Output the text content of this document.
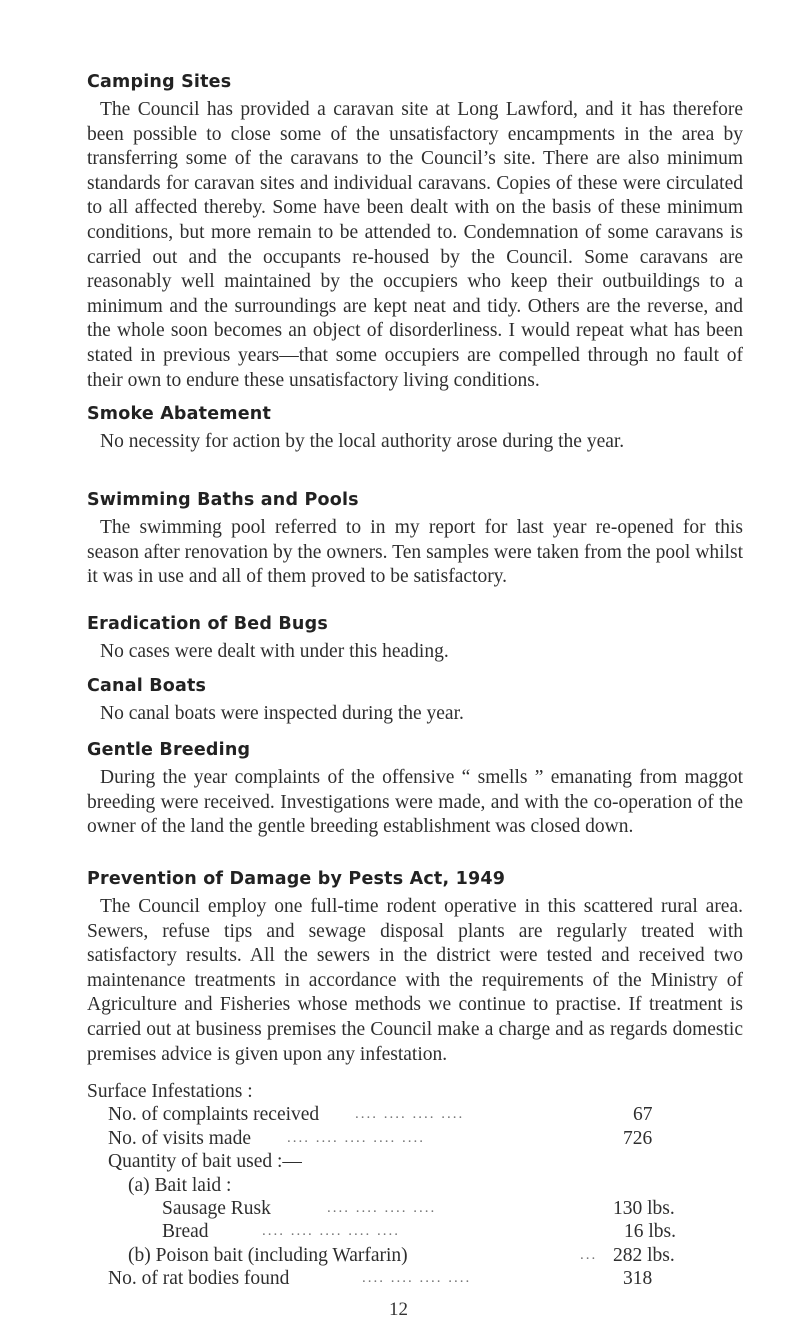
Camping Sites

The Council has provided a caravan site at Long Lawford, and it has therefore been possible to close some of the unsatisfactory encampments in the area by transferring some of the caravans to the Council’s site. There are also minimum standards for caravan sites and individual caravans. Copies of these were circulated to all affected thereby. Some have been dealt with on the basis of these minimum conditions, but more remain to be attended to. Condemnation of some caravans is carried out and the occupants re-housed by the Council. Some caravans are reasonably well maintained by the occupiers who keep their outbuildings to a minimum and the surroundings are kept neat and tidy. Others are the reverse, and the whole soon becomes an object of disorderliness. I would repeat what has been stated in previous years—that some occupiers are compelled through no fault of their own to endure these unsatisfactory living conditions.

Smoke Abatement

No necessity for action by the local authority arose during the year.

Swimming Baths and Pools

The swimming pool referred to in my report for last year re-opened for this season after renovation by the owners. Ten samples were taken from the pool whilst it was in use and all of them proved to be satisfactory.

Eradication of Bed Bugs

No cases were dealt with under this heading.

Canal Boats

No canal boats were inspected during the year.

Gentle Breeding

During the year complaints of the offensive “ smells ” emanating from maggot breeding were received. Investigations were made, and with the co-operation of the owner of the land the gentle breeding establishment was closed down.

Prevention of Damage by Pests Act, 1949

The Council employ one full-time rodent operative in this scattered rural area. Sewers, refuse tips and sewage disposal plants are regularly treated with satisfactory results. All the sewers in the district were tested and received two maintenance treatments in accordance with the requirements of the Ministry of Agriculture and Fisheries whose methods we continue to practise. If treatment is carried out at business premises the Council make a charge and as regards domestic premises advice is given upon any infestation.

Surface Infestations :
No. of complaints received .... .... .... ....	67
No. of visits made .... .... .... .... ....	726
Quantity of bait used :—
(a) Bait laid :
Sausage Rusk	.... .... .... ....	130 lbs.
Bread	.... .... .... .... ....	16 lbs.
(b) Poison bait (including Warfarin)	... 282 lbs.
No. of rat bodies found	.... .... .... ....	318
12
